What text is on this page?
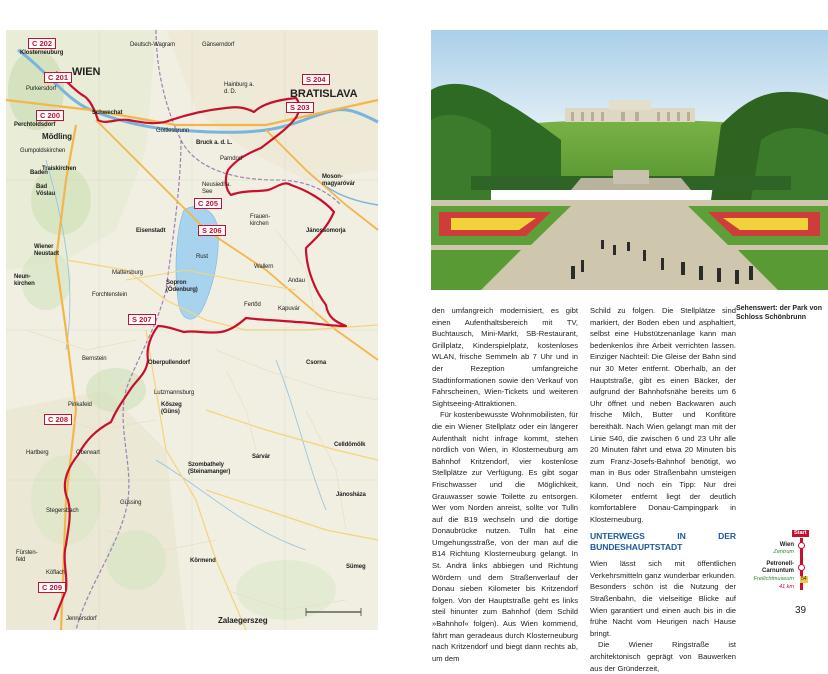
C 202
C 201
C 200
S 204
S 203
C 205
S 206
S 207
C 208
C 209
WIEN
BRATISLAVA
Klosterneuburg
Purkersdorf
Perchtoldsdorf
Mödling
Schwechat
Gumpoldskirchen
Traiskirchen
Baden
Bad Vöslau
Eisenstadt
Wiener Neustadt
Neun-kirchen
Mattersburg
Sopron (Ödenburg)
Jánossomorja
Moson-magyaróvár
Kapuvár
Fertőd
Kőszeg (Güns)
Oberpullendorf
Szombathely (Steinamanger)
Sárvár
Celldömölk
Jánosháza
Oberwart
Körmend
Zalaegerszeg
Sümeg
Köflach
Fürsten-feld
Hainburg a. d. D.
Bruck a. d. L.
Parndorf
Neusiedl a. See
Göttlesbrunn
Deutsch-Wagram	Gänserndorf
Frauen-kirchen
Pinkafeld
Hartberg
Güssing
Jennersdorf
Csorna
Lutzmannsburg
Rust
Stegersbach
Bernstein
Forchtenstein
Wallern
Andau
Sehenswert: der Park von Schloss Schönbrunn

den umfangreich modernisiert, es gibt einen Aufenthaltsbereich mit TV, Buchtausch, Mini-Markt, SB-Restaurant, Grillplatz, Kinderspielplatz, kostenloses WLAN, frische Semmeln ab 7 Uhr und in der Rezeption umfangreiche Stadtinformationen sowie den Verkauf von Fahrscheinen, Wien-Tickets und weiteren Sightseeing-Attraktionen.

Für kostenbewusste Wohnmobilisten, für die ein Wiener Stellplatz oder ein längerer Aufenthalt nicht infrage kommt, stehen nördlich von Wien, in Klosterneuburg am Bahnhof Kritzendorf, vier kostenlose Stellplätze zur Verfügung. Es gibt sogar Frischwasser und die Möglichkeit, Grauwasser sowie Toilette zu entsorgen. Wer vom Norden anreist, sollte vor Tulln auf die B19 wechseln und die dortige Donaubrücke nutzen. Tulln hat eine Umgehungsstraße, von der man auf die B14 Richtung Klosterneuburg gelangt. In St. Andrä links abbiegen und Richtung Wördern und dem Straßenverlauf der Donau sieben Kilometer bis Kritzendorf folgen. Von der Hauptstraße geht es links steil hinunter zum Bahnhof (dem Schild »Bahnhof« folgen). Aus Wien kommend, fährt man geradeaus durch Klosterneuburg nach Kritzendorf und biegt dann rechts ab, um dem

Schild zu folgen. Die Stellplätze sind markiert, der Boden eben und asphaltiert, selbst eine Hubstützenanlage kann man bedenkenlos ihre Arbeit verrichten lassen. Einziger Nachteil: Die Gleise der Bahn sind nur 30 Meter entfernt. Oberhalb, an der Hauptstraße, gibt es einen Bäcker, der aufgrund der Bahnhofsnähe bereits um 6 Uhr öffnet und neben Backwaren auch frische Milch, Butter und Konfitüre bereithält. Nach Wien gelangt man mit der Linie S40, die zwischen 6 und 23 Uhr alle 20 Minuten fährt und etwa 20 Minuten bis zum Franz-Josefs-Bahnhof benötigt, wo man in Bus oder Straßenbahn umsteigen kann. Und noch ein Tipp: Nur drei Kilometer entfernt liegt der deutlich komfortablere Donau-Campingpark in Klosterneuburg.

UNTERWEGS IN DER BUNDESHAUPTSTADT

Wien lässt sich mit öffentlichen Verkehrsmitteln ganz wunderbar erkunden. Besonders schön ist die Nutzung der Straßenbahn, die vielseitige Blicke auf Wien garantiert und einen auch bis in die frühe Nacht vom Heurigen nach Hause bringt.

Die Wiener Ringstraße ist architektonisch geprägt von Bauwerken aus der Gründerzeit,

Start
Wien
Zentrum
Petronell-Carnuntum
Freilichtmuseum
41 km
54
39
